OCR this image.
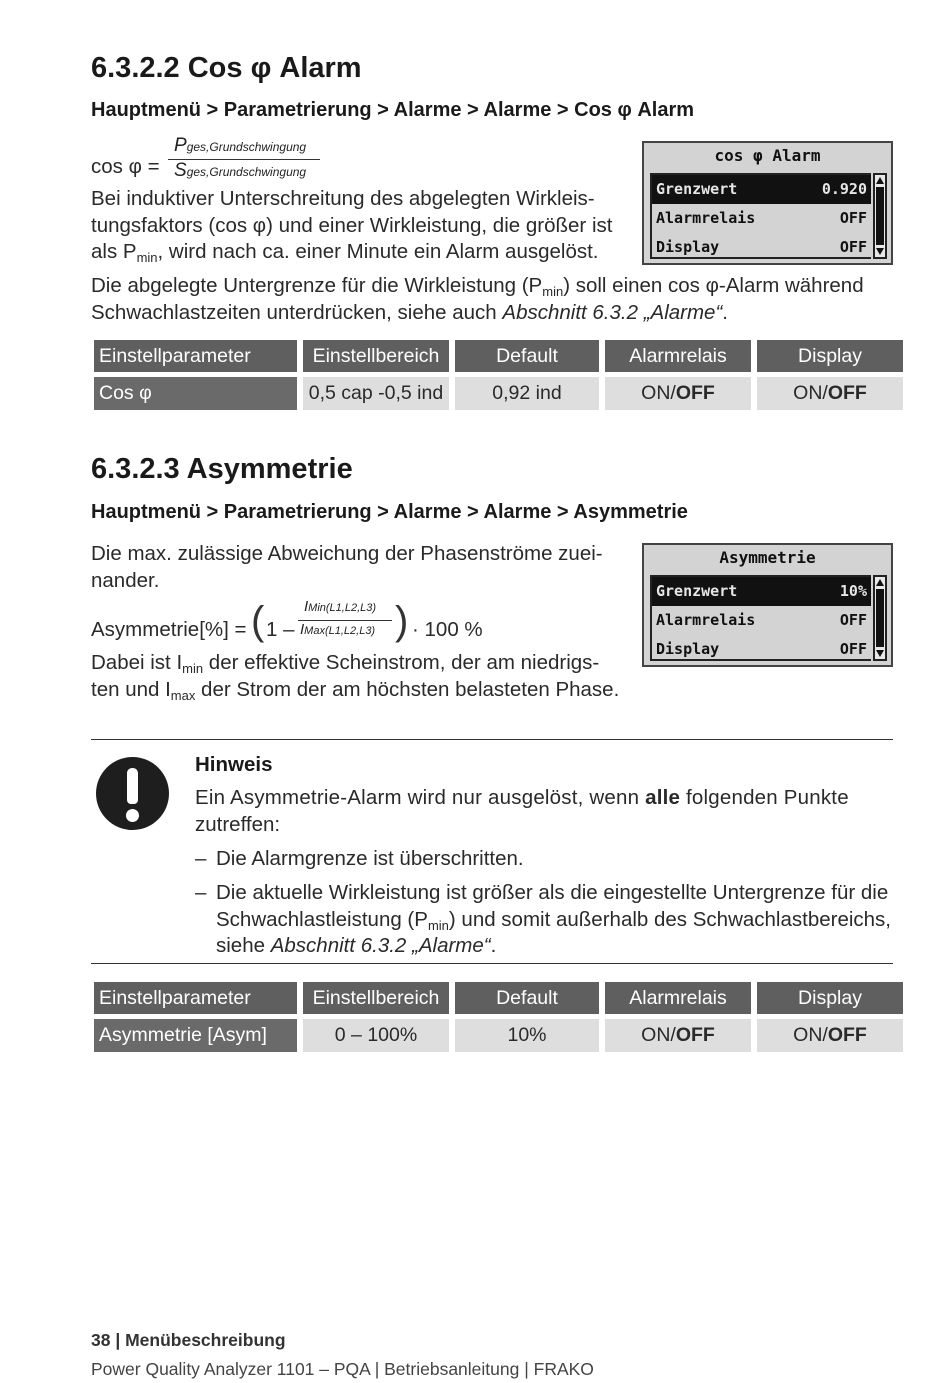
6.3.2.2 Cos φ Alarm
Hauptmenü > Parametrierung > Alarme > Alarme > Cos φ Alarm
cos φ =
Pges,Grundschwingung
Sges,Grundschwingung
Bei induktiver Unterschreitung des abgelegten Wirkleis-
tungsfaktors (cos φ) und einer Wirkleistung, die größer ist
als $P_{min}$, wird nach ca. einer Minute ein Alarm ausgelöst.
Die abgelegte Untergrenze für die Wirkleistung $(P_{min})$ soll einen cos φ-Alarm während
Schwachlastzeiten unterdrücken, siehe auch Abschnitt 6.3.2 „Alarme“.
cos φ Alarm
Grenzwert	0.920
Alarmrelais	OFF
Display	OFF
Einstellparameter	Einstellbereich	Default	Alarmrelais	Display

Cos φ	0,5 cap -0,5 ind	0,92 ind	ON/OFF	ON/OFF
6.3.2.3 Asymmetrie
Hauptmenü > Parametrierung > Alarme > Alarme > Asymmetrie
Die max. zulässige Abweichung der Phasenströme zuei-
nander.
Asymmetrie[%] = ( 1 –
IMin(L1,L2,L3)
IMax(L1,L2,L3) ) · 100 %
Dabei ist $I_{min}$ der effektive Scheinstrom, der am niedrigs-
ten und $I_{max}$ der Strom der am höchsten belasteten Phase.
Asymmetrie
Grenzwert	10%
Alarmrelais	OFF
Display	OFF
Hinweis
Ein Asymmetrie-Alarm wird nur ausgelöst, wenn alle folgenden Punkte
zutreffen:
– Die Alarmgrenze ist überschritten.
– Die aktuelle Wirkleistung ist größer als die eingestellte Untergrenze für die
Schwachlastleistung $(P_{min})$ und somit außerhalb des Schwachlastbereichs,
siehe Abschnitt 6.3.2 „Alarme“.
Einstellparameter	Einstellbereich	Default	Alarmrelais	Display

Asymmetrie [Asym]	0 – 100%	10%	ON/OFF	ON/OFF
38 | Menübeschreibung
Power Quality Analyzer 1101 – PQA | Betriebsanleitung | FRAKO
